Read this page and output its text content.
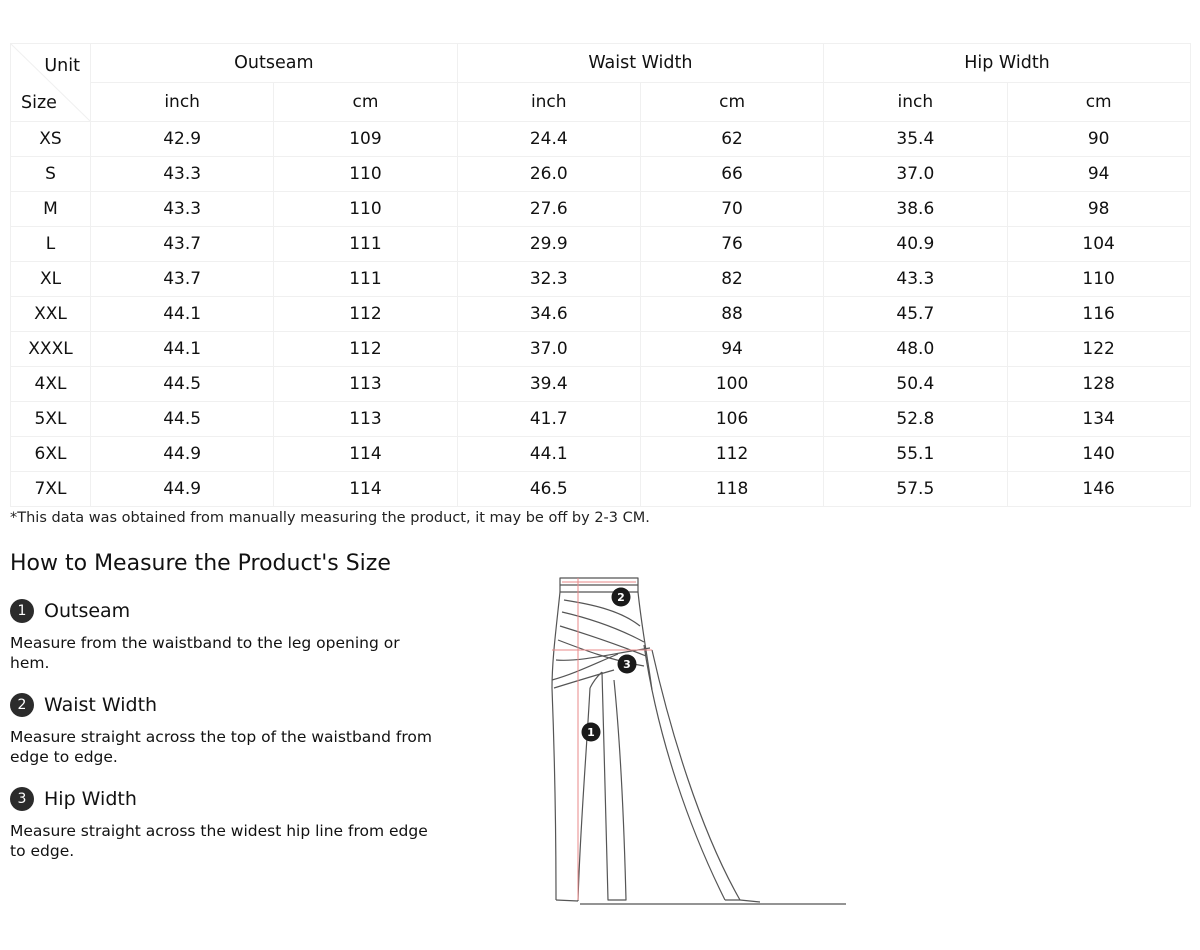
Unit
Size	Outseam		Waist Width		Hip Width	
	inch	cm	inch	cm	inch	cm
XS	42.9	109	24.4	62	35.4	90
S	43.3	110	26.0	66	37.0	94
M	43.3	110	27.6	70	38.6	98
L	43.7	111	29.9	76	40.9	104
XL	43.7	111	32.3	82	43.3	110
XXL	44.1	112	34.6	88	45.7	116
XXXL	44.1	112	37.0	94	48.0	122
4XL	44.5	113	39.4	100	50.4	128
5XL	44.5	113	41.7	106	52.8	134
6XL	44.9	114	44.1	112	55.1	140
7XL	44.9	114	46.5	118	57.5	146
*This data was obtained from manually measuring the product, it may be off by 2-3 CM.
How to Measure the Product's Size
1 Outseam
Measure from the waistband to the leg opening or hem.
2 Waist Width
Measure straight across the top of the waistband from edge to edge.
3 Hip Width
Measure straight across the widest hip line from edge to edge.
1
2
3
